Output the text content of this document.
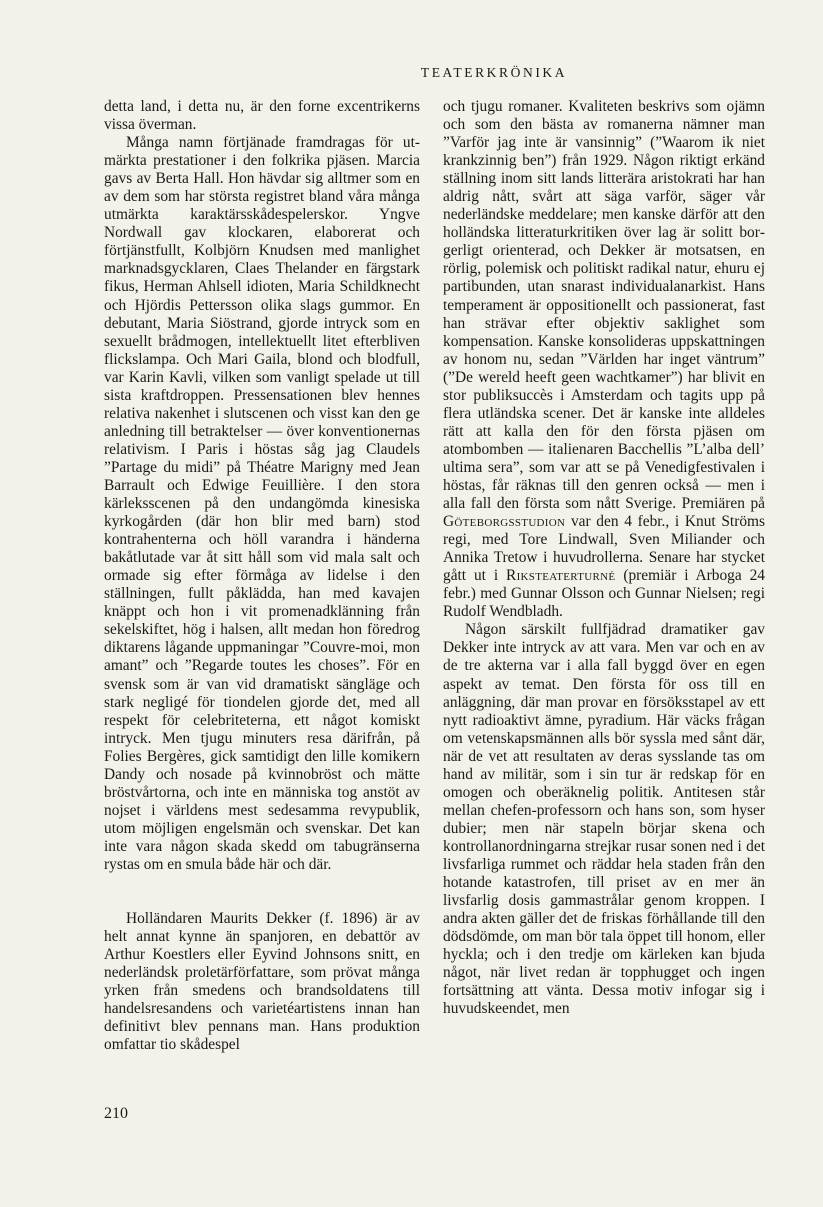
TEATERKRÖNIKA

detta land, i detta nu, är den forne excentrikerns vissa överman.

Många namn förtjänade framdragas för utmärkta prestationer i den folkrika pjäsen. Marcia gavs av Berta Hall. Hon hävdar sig alltmer som en av dem som har största registret bland våra många utmärkta karaktärsskådespelerskor. Yngve Nordwall gav klockaren, elaborerat och förtjänstfullt, Kolbjörn Knudsen med manlighet marknadsgycklaren, Claes Thelander en färgstark fikus, Herman Ahlsell idioten, Maria Schildknecht och Hjördis Pettersson olika slags gummor. En debutant, Maria Siöstrand, gjorde intryck som en sexuellt brådmogen, intellektuellt litet efterbliven flickslampa. Och Mari Gaila, blond och blodfull, var Karin Kavli, vilken som vanligt spelade ut till sista kraftdroppen. Pressensationen blev hennes relativa nakenhet i slutscenen och visst kan den ge anledning till betraktelser — över konventionernas relativism. I Paris i höstas såg jag Claudels ”Partage du midi” på Théatre Marigny med Jean Barrault och Edwige Feuillière. I den stora kärleksscenen på den undangömda kinesiska kyrkogården (där hon blir med barn) stod kontrahenterna och höll varandra i händerna bakåtlutade var åt sitt håll som vid mala salt och ormade sig efter förmåga av lidelse i den ställningen, fullt påklädda, han med kavajen knäppt och hon i vit promenadklänning från sekelskiftet, hög i halsen, allt medan hon föredrog diktarens lågande uppmaningar ”Couvre-moi, mon amant” och ”Regarde toutes les choses”. För en svensk som är van vid dramatiskt sängläge och stark negligé för tiondelen gjorde det, med all respekt för celebriteterna, ett något komiskt intryck. Men tjugu minuters resa därifrån, på Folies Bergères, gick samtidigt den lille komikern Dandy och nosade på kvinnobröst och mätte bröstvårtorna, och inte en människa tog anstöt av nojset i världens mest sedesamma revypublik, utom möjligen engelsmän och svenskar. Det kan inte vara någon skada skedd om tabugränserna rystas om en smula både här och där.

Holländaren Maurits Dekker (f. 1896) är av helt annat kynne än spanjoren, en debattör av Arthur Koestlers eller Eyvind Johnsons snitt, en nederländsk proletärförfattare, som prövat många yrken från smedens och brandsoldatens till handelsresandens och varietéartistens innan han definitivt blev pennans man. Hans produktion omfattar tio skådespel

och tjugu romaner. Kvaliteten beskrivs som ojämn och som den bästa av romanerna nämner man ”Varför jag inte är vansinnig” (”Waarom ik niet krankzinnig ben”) från 1929. Någon riktigt erkänd ställning inom sitt lands litterära aristokrati har han aldrig nått, svårt att säga varför, säger vår nederländske meddelare; men kanske därför att den holländska litteraturkritiken över lag är solitt borgerligt orienterad, och Dekker är motsatsen, en rörlig, polemisk och politiskt radikal natur, ehuru ej partibunden, utan snarast individualanarkist. Hans temperament är oppositionellt och passionerat, fast han strävar efter objektiv saklighet som kompensation. Kanske konsolideras uppskattningen av honom nu, sedan ”Världen har inget väntrum” (”De wereld heeft geen wachtkamer”) har blivit en stor publiksuccès i Amsterdam och tagits upp på flera utländska scener. Det är kanske inte alldeles rätt att kalla den för den första pjäsen om atombomben — italienaren Bacchellis ”L’alba dell’ ultima sera”, som var att se på Venedigfestivalen i höstas, får räknas till den genren också — men i alla fall den första som nått Sverige. Premiären på Göteborgsstudion var den 4 febr., i Knut Ströms regi, med Tore Lindwall, Sven Miliander och Annika Tretow i huvudrollerna. Senare har stycket gått ut i Riksteaterturné (premiär i Arboga 24 febr.) med Gunnar Olsson och Gunnar Nielsen; regi Rudolf Wendbladh.

Någon särskilt fullfjädrad dramatiker gav Dekker inte intryck av att vara. Men var och en av de tre akterna var i alla fall byggd över en egen aspekt av temat. Den första för oss till en anläggning, där man provar en försöksstapel av ett nytt radioaktivt ämne, pyradium. Här väcks frågan om vetenskapsmännen alls bör syssla med sånt där, när de vet att resultaten av deras sysslande tas om hand av militär, som i sin tur är redskap för en omogen och oberäknelig politik. Antitesen står mellan chefen-professorn och hans son, som hyser dubier; men när stapeln börjar skena och kontrollanordningarna strejkar rusar sonen ned i det livsfarliga rummet och räddar hela staden från den hotande katastrofen, till priset av en mer än livsfarlig dosis gammastrålar genom kroppen. I andra akten gäller det de friskas förhållande till den dödsdömde, om man bör tala öppet till honom, eller hyckla; och i den tredje om kärleken kan bjuda något, när livet redan är topphugget och ingen fortsättning att vänta. Dessa motiv infogar sig i huvudskeendet, men

210
